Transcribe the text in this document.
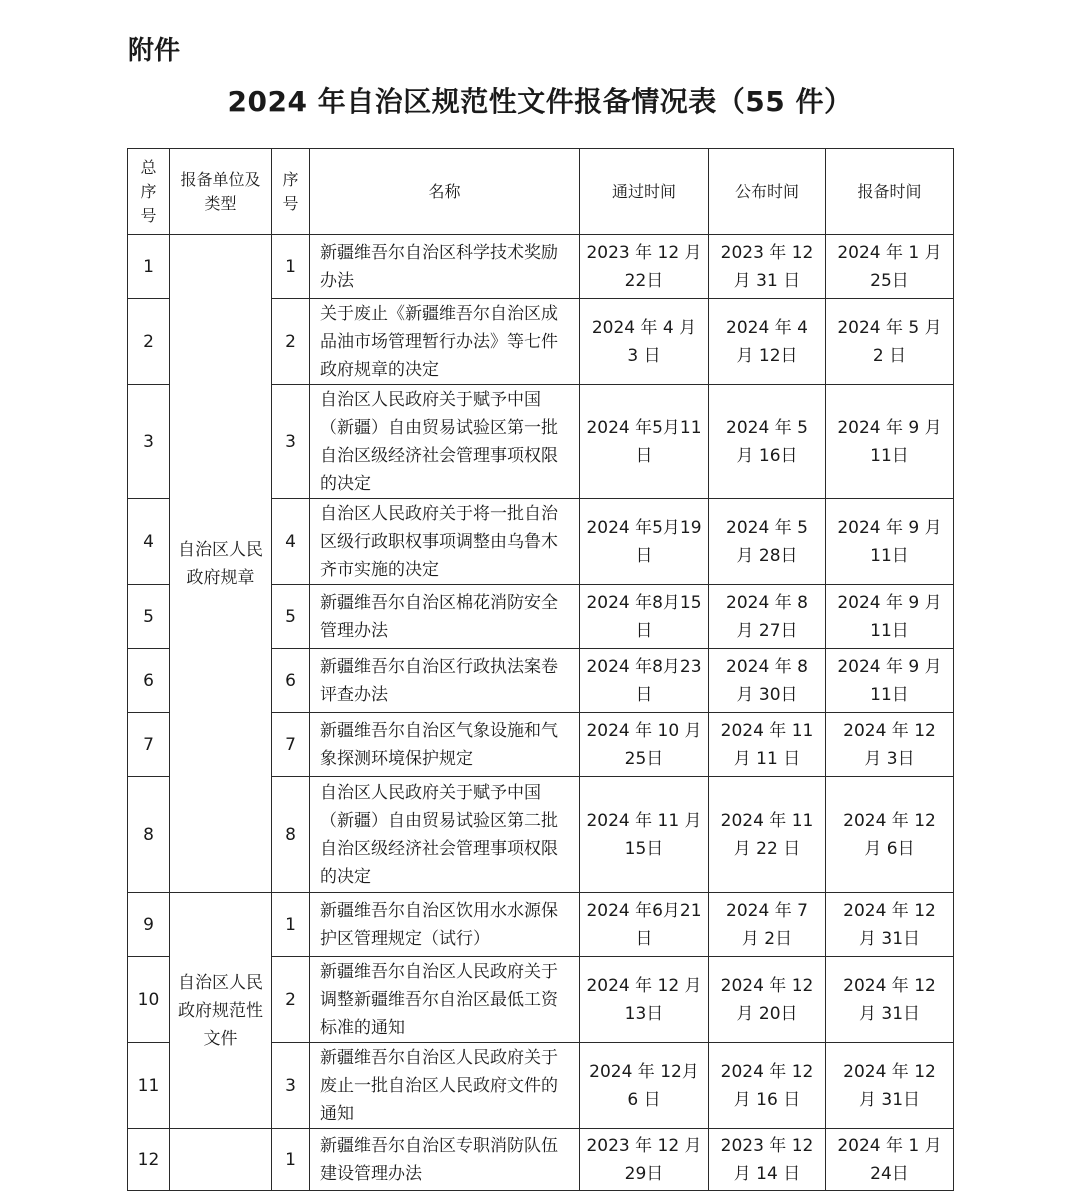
附件
2024 年自治区规范性文件报备情况表（55 件）
总序号	报备单位及类型	序号	名称	通过时间	公布时间	报备时间
1	自治区人民政府规章	1	新疆维吾尔自治区科学技术奖励办法	2023 年 12 月 22日	2023 年 12 月 31 日	2024 年 1 月 25日
2		2	关于废止《新疆维吾尔自治区成品油市场管理暂行办法》等七件政府规章的决定	2024 年 4 月 3 日	2024 年 4 月 12日	2024 年 5 月 2 日
3		3	自治区人民政府关于赋予中国（新疆）自由贸易试验区第一批自治区级经济社会管理事项权限的决定	2024 年5月11 日	2024 年 5 月 16日	2024 年 9 月 11日
4		4	自治区人民政府关于将一批自治区级行政职权事项调整由乌鲁木齐市实施的决定	2024 年5月19 日	2024 年 5 月 28日	2024 年 9 月 11日
5		5	新疆维吾尔自治区棉花消防安全管理办法	2024 年8月15 日	2024 年 8 月 27日	2024 年 9 月 11日
6		6	新疆维吾尔自治区行政执法案卷评查办法	2024 年8月23 日	2024 年 8 月 30日	2024 年 9 月 11日
7		7	新疆维吾尔自治区气象设施和气象探测环境保护规定	2024 年 10 月 25日	2024 年 11 月 11 日	2024 年 12 月 3日
8		8	自治区人民政府关于赋予中国（新疆）自由贸易试验区第二批自治区级经济社会管理事项权限的决定	2024 年 11 月 15日	2024 年 11 月 22 日	2024 年 12 月 6日
9	自治区人民政府规范性文件	1	新疆维吾尔自治区饮用水水源保护区管理规定（试行）	2024 年6月21 日	2024 年 7 月 2日	2024 年 12 月 31日
10		2	新疆维吾尔自治区人民政府关于调整新疆维吾尔自治区最低工资标准的通知	2024 年 12 月 13日	2024 年 12 月 20日	2024 年 12 月 31日
11		3	新疆维吾尔自治区人民政府关于废止一批自治区人民政府文件的通知	2024 年 12月6 日	2024 年 12 月 16 日	2024 年 12 月 31日
12		1	新疆维吾尔自治区专职消防队伍建设管理办法	2023 年 12 月 29日	2023 年 12 月 14 日	2024 年 1 月 24日
